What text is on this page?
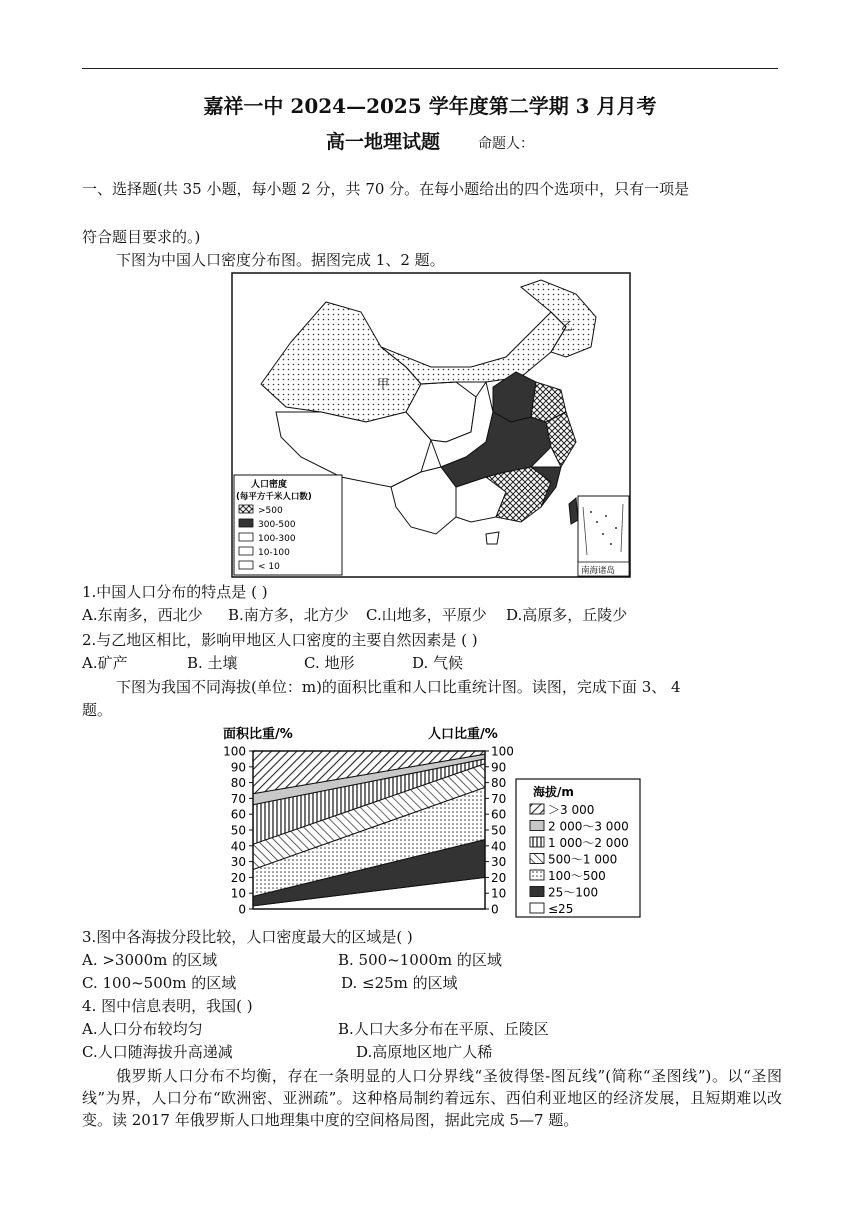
嘉祥一中 2024—2025 学年度第二学期 3 月月考
高一地理试题	命题人：
一、选择题(共 35 小题，每小题 2 分，共 70 分。在每小题给出的四个选项中，只有一项是
符合题目要求的。)
下图为中国人口密度分布图。据图完成 1、2 题。
甲
乙
人口密度
(每平方千米人口数)
>500
300-500
100-300
10-100
< 10	南海诸岛
1.中国人口分布的特点是 ( )
A.东南多，西北少 B.南方多，北方少 C.山地多，平原少 D.高原多，丘陵少
2.与乙地区相比，影响甲地区人口密度的主要自然因素是 ( )
A.矿产	B. 土壤	C. 地形	D. 气候
下图为我国不同海拔(单位：m)的面积比重和人口比重统计图。读图，完成下面 3、 4
题。
面积比重/%	人口比重/%
0	0
10	10
20	20
30	30
40	40
50	50
60	60
70	70
80	80
90	90
100	100
海拔/m
＞3 000
2 000～3 000
1 000～2 000
500～1 000
100～500
25～100
≤25
3.图中各海拔分段比较，人口密度最大的区域是( )
A. >3000m 的区域	B. 500~1000m 的区域
C. 100~500m 的区域	D. ≤25m 的区域
4. 图中信息表明，我国( )
A.人口分布较均匀	B.人口大多分布在平原、丘陵区
C.人口随海拔升高递减	D.高原地区地广人稀

俄罗斯人口分布不均衡，存在一条明显的人口分界线“圣彼得堡-图瓦线”(简称“圣图线”)。以“圣图线”为界，人口分布“欧洲密、亚洲疏”。这种格局制约着远东、西伯利亚地区的经济发展，且短期难以改变。读 2017 年俄罗斯人口地理集中度的空间格局图，据此完成 5—7 题。
